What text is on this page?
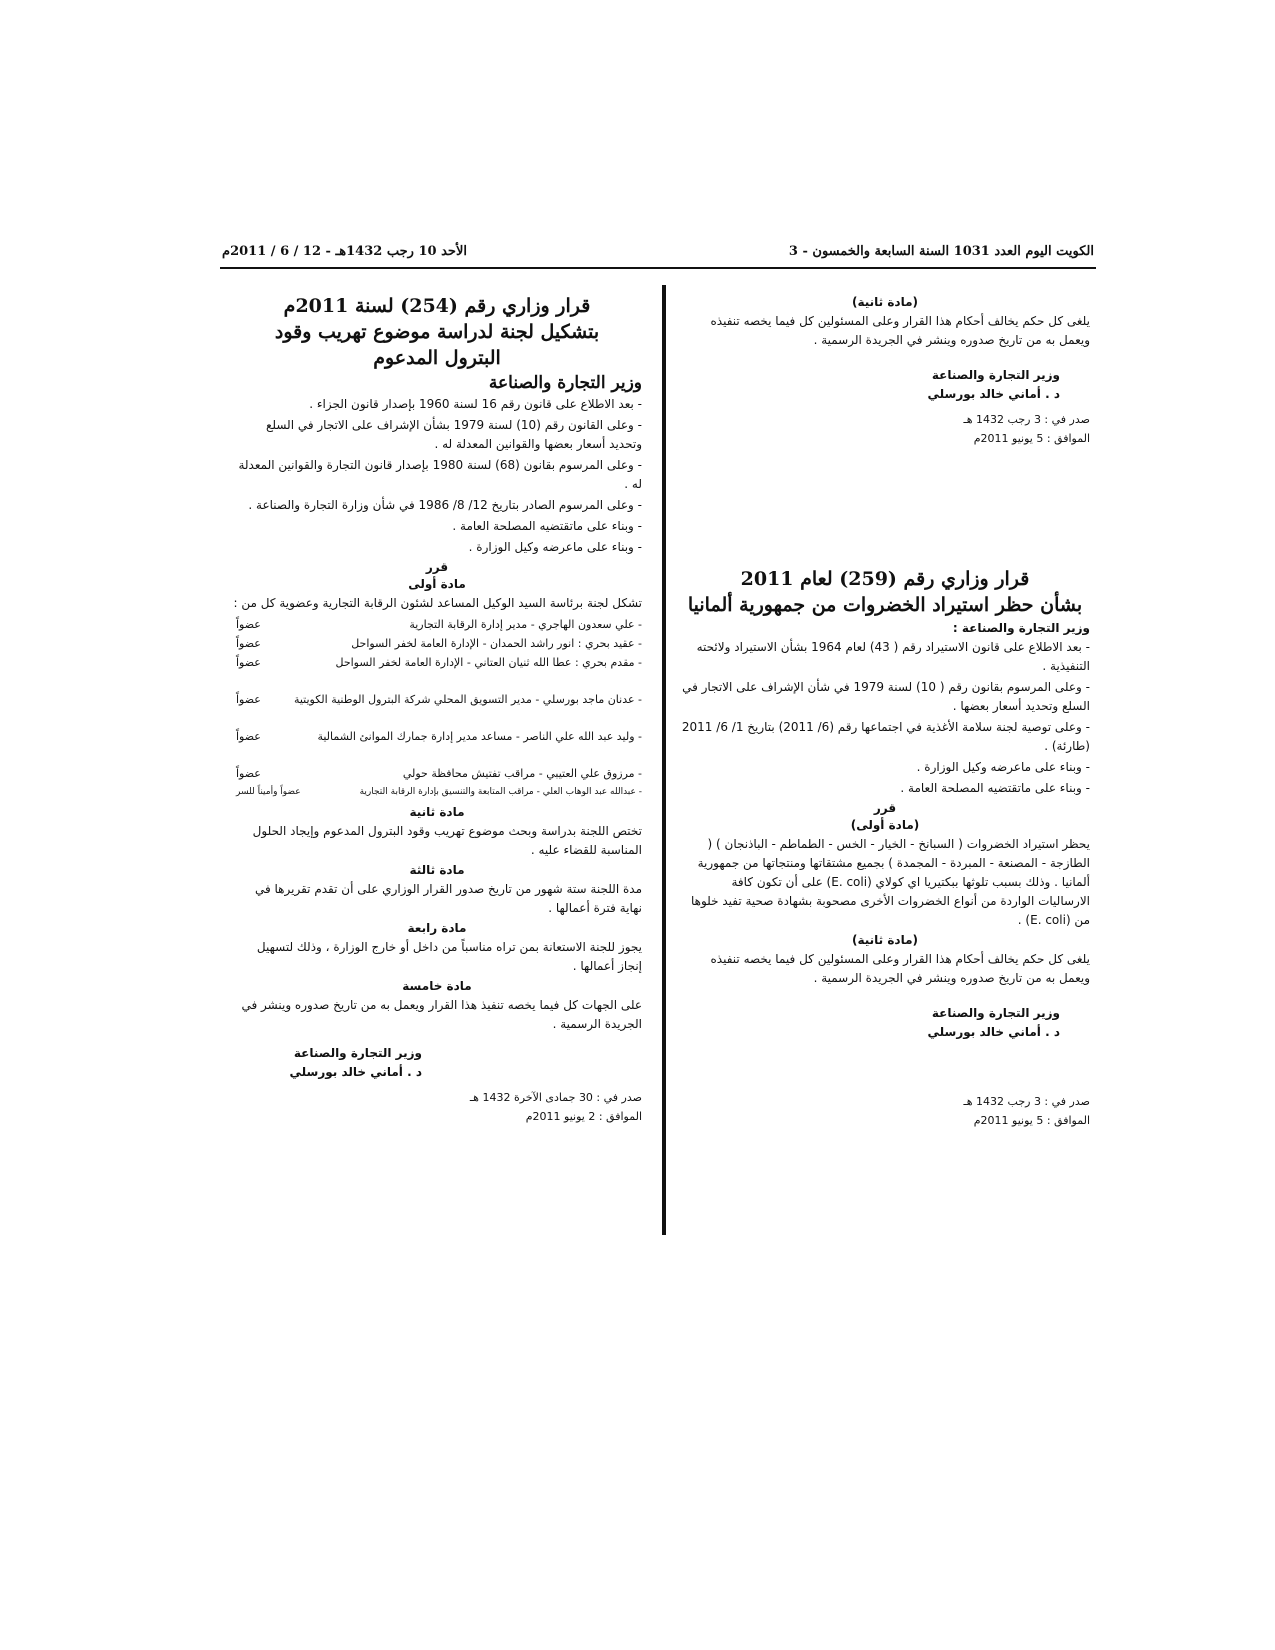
الكويت اليوم العدد 1031 السنة السابعة والخمسون - 3
الأحد 10 رجب 1432هـ - 12 / 6 / 2011م
(مادة ثانية)

يلغى كل حكم يخالف أحكام هذا القرار وعلى المسئولين كل فيما يخصه تنفيذه ويعمل به من تاريخ صدوره وينشر في الجريدة الرسمية .

وزير التجارة والصناعة
د . أماني خالد بورسلي
صدر في : 3 رجب 1432 هـ
الموافق : 5 يونيو 2011م
قرار وزاري رقم (259) لعام 2011
بشأن حظر استيراد الخضروات من جمهورية ألمانيا
وزير التجارة والصناعة :

- بعد الاطلاع على قانون الاستيراد رقم ( 43) لعام 1964 بشأن الاستيراد ولائحته التنفيذية .

- وعلى المرسوم بقانون رقم ( 10) لسنة 1979 في شأن الإشراف على الاتجار في السلع وتحديد أسعار بعضها .

- وعلى توصية لجنة سلامة الأغذية في اجتماعها رقم (6/ 2011) بتاريخ 1/ 6/ 2011 (طارئة) .

- وبناء على ماعرضه وكيل الوزارة .

- وبناء على ماتقتضيه المصلحة العامة .

قرر
(مادة أولى)

يحظر استيراد الخضروات ( السبانخ - الخيار - الخس - الطماطم - الباذنجان ) ( الطازجة - المصنعة - المبردة - المجمدة ) بجميع مشتقاتها ومنتجاتها من جمهورية ألمانيا . وذلك بسبب تلوثها ببكتيريا اي كولاي (E. coli) على أن تكون كافة الارساليات الواردة من أنواع الخضروات الأخرى مصحوبة بشهادة صحية تفيد خلوها من (E. coli) .

(مادة ثانية)

يلغى كل حكم يخالف أحكام هذا القرار وعلى المسئولين كل فيما يخصه تنفيذه ويعمل به من تاريخ صدوره وينشر في الجريدة الرسمية .

وزير التجارة والصناعة
د . أماني خالد بورسلي
صدر في : 3 رجب 1432 هـ
الموافق : 5 يونيو 2011م
قرار وزاري رقم (254) لسنة 2011م
بتشكيل لجنة لدراسة موضوع تهريب وقود
البترول المدعوم
وزير التجارة والصناعة

- بعد الاطلاع على قانون رقم 16 لسنة 1960 بإصدار قانون الجزاء .

- وعلى القانون رقم (10) لسنة 1979 بشأن الإشراف على الاتجار في السلع وتحديد أسعار بعضها والقوانين المعدلة له .

- وعلى المرسوم بقانون (68) لسنة 1980 بإصدار قانون التجارة والقوانين المعدلة له .

- وعلى المرسوم الصادر بتاريخ 12/ 8/ 1986 في شأن وزارة التجارة والصناعة .

- وبناء على ماتقتضيه المصلحة العامة .

- وبناء على ماعرضه وكيل الوزارة .

قرر
مادة أولى

تشكل لجنة برئاسة السيد الوكيل المساعد لشئون الرقابة التجارية وعضوية كل من :

- علي سعدون الهاجري - مدير إدارة الرقابة التجارية
عضواً
- عقيد بحري : انور راشد الحمدان - الإدارة العامة لخفر السواحل
عضواً
- مقدم بحري : عطا الله ثنيان العتاني - الإدارة العامة لخفر السواحل
عضواً
- عدنان ماجد بورسلي - مدير التسويق المحلي شركة البترول الوطنية الكويتية
عضواً
- وليد عبد الله علي الناصر - مساعد مدير إدارة جمارك الموانئ الشمالية
عضواً
- مرزوق علي العتيبي - مراقب تفتيش محافظة حولي
عضواً
- عبدالله عبد الوهاب العلي - مراقب المتابعة والتنسيق بإدارة الرقابة التجارية
عضواً وأميناً للسر
مادة ثانية

تختص اللجنة بدراسة وبحث موضوع تهريب وقود البترول المدعوم وإيجاد الحلول المناسبة للقضاء عليه .

مادة ثالثة

مدة اللجنة ستة شهور من تاريخ صدور القرار الوزاري على أن تقدم تقريرها في نهاية فترة أعمالها .

مادة رابعة

يجوز للجنة الاستعانة بمن تراه مناسباً من داخل أو خارج الوزارة ، وذلك لتسهيل إنجاز أعمالها .

مادة خامسة

على الجهات كل فيما يخصه تنفيذ هذا القرار ويعمل به من تاريخ صدوره وينشر في الجريدة الرسمية .

وزير التجارة والصناعة
د . أماني خالد بورسلي
صدر في : 30 جمادى الآخرة 1432 هـ
الموافق : 2 يونيو 2011م
